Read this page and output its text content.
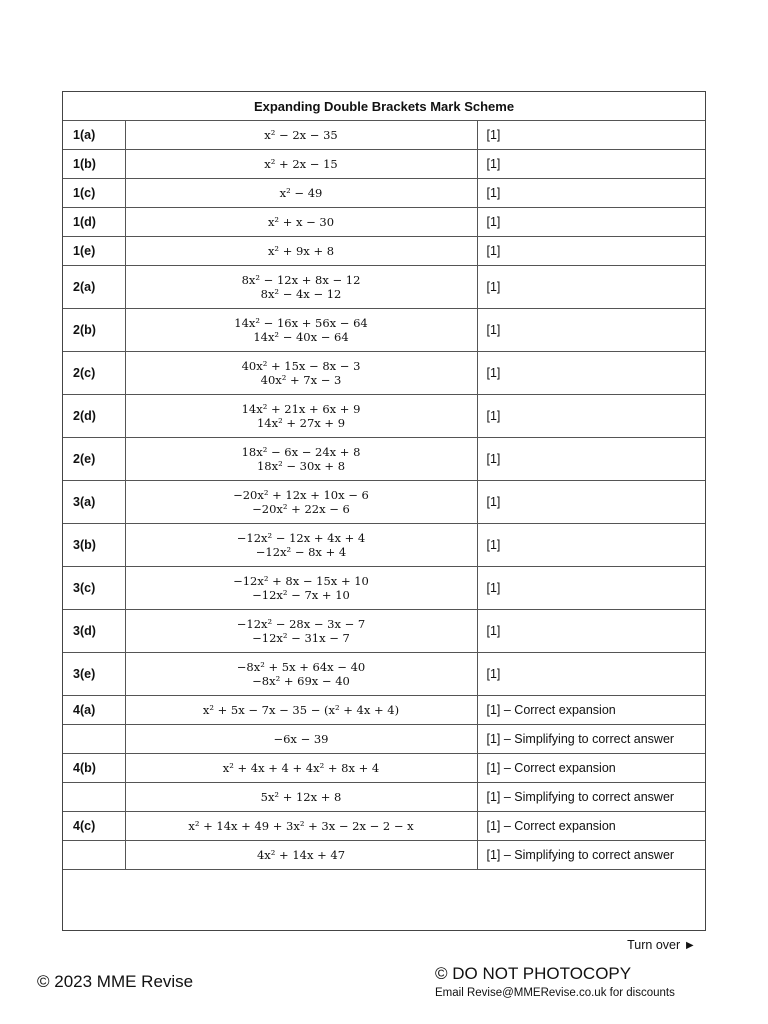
Expanding Double Brackets Mark Scheme		
1(a)	x² − 2x − 35	[1]
1(b)	x² + 2x − 15	[1]
1(c)	x² − 49	[1]
1(d)	x² + x − 30	[1]
1(e)	x² + 9x + 8	[1]
2(a)	8x² − 12x + 8x − 12
8x² − 4x − 12	[1]
2(b)	14x² − 16x + 56x − 64
14x² − 40x − 64	[1]
2(c)	40x² + 15x − 8x − 3
40x² + 7x − 3	[1]
2(d)	14x² + 21x + 6x + 9
14x² + 27x + 9	[1]
2(e)	18x² − 6x − 24x + 8
18x² − 30x + 8	[1]
3(a)	−20x² + 12x + 10x − 6
−20x² + 22x − 6	[1]
3(b)	−12x² − 12x + 4x + 4
−12x² − 8x + 4	[1]
3(c)	−12x² + 8x − 15x + 10
−12x² − 7x + 10	[1]
3(d)	−12x² − 28x − 3x − 7
−12x² − 31x − 7	[1]
3(e)	−8x² + 5x + 64x − 40
−8x² + 69x − 40	[1]
4(a)	x² + 5x − 7x − 35 − (x² + 4x + 4)	[1] – Correct expansion

	−6x − 39	[1] – Simplifying to correct answer
4(b)	x² + 4x + 4 + 4x² + 8x + 4	[1] – Correct expansion

	5x² + 12x + 8	[1] – Simplifying to correct answer
4(c)	x² + 14x + 49 + 3x² + 3x − 2x − 2 − x	[1] – Correct expansion

	4x² + 14x + 47	[1] – Simplifying to correct answer
Turn over ►
© 2023 MME Revise	© DO NOT PHOTOCOPY
Email Revise@MMERevise.co.uk for discounts
